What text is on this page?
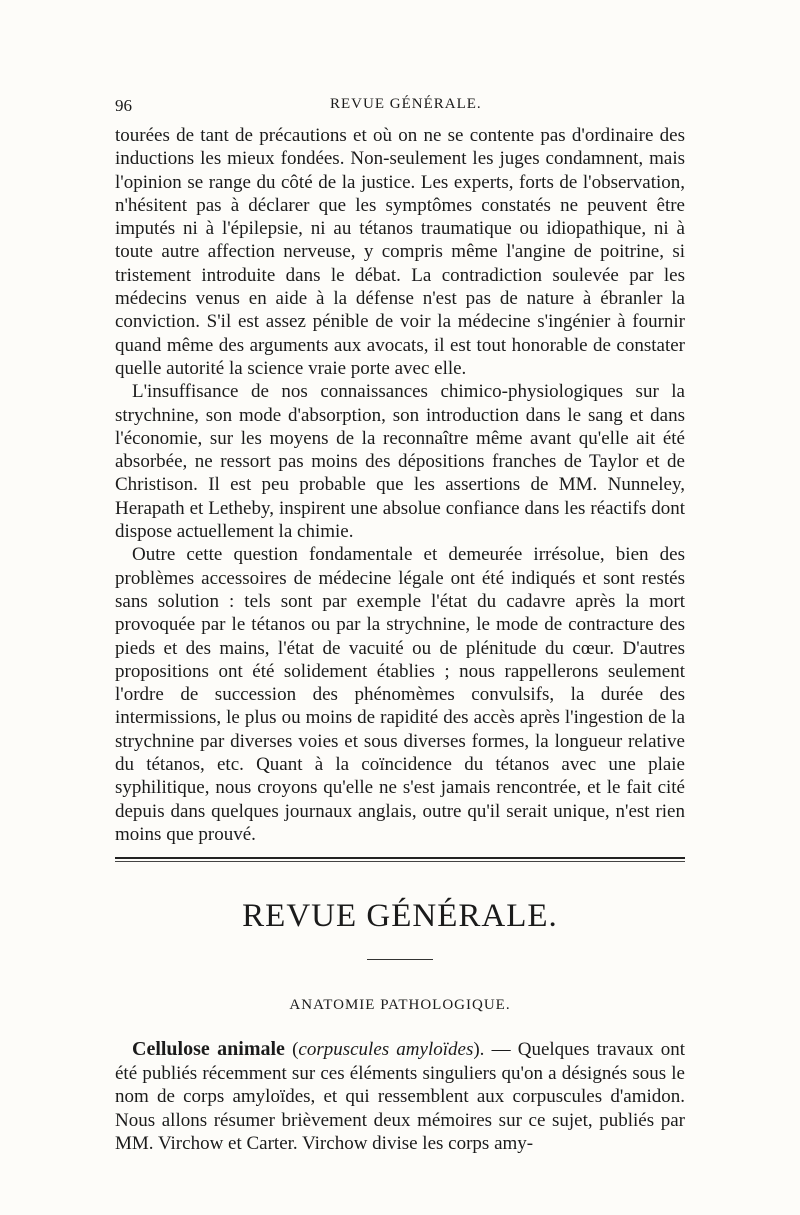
96	REVUE GÉNÉRALE.

tourées de tant de précautions et où on ne se contente pas d'ordinaire des inductions les mieux fondées. Non-seulement les juges condamnent, mais l'opinion se range du côté de la justice. Les experts, forts de l'observation, n'hésitent pas à déclarer que les symptômes constatés ne peuvent être imputés ni à l'épilepsie, ni au tétanos traumatique ou idiopathique, ni à toute autre affection nerveuse, y compris même l'angine de poitrine, si tristement introduite dans le débat. La contradiction soulevée par les médecins venus en aide à la défense n'est pas de nature à ébranler la conviction. S'il est assez pénible de voir la médecine s'ingénier à fournir quand même des arguments aux avocats, il est tout honorable de constater quelle autorité la science vraie porte avec elle.

L'insuffisance de nos connaissances chimico-physiologiques sur la strychnine, son mode d'absorption, son introduction dans le sang et dans l'économie, sur les moyens de la reconnaître même avant qu'elle ait été absorbée, ne ressort pas moins des dépositions franches de Taylor et de Christison. Il est peu probable que les assertions de MM. Nunneley, Herapath et Letheby, inspirent une absolue confiance dans les réactifs dont dispose actuellement la chimie.

Outre cette question fondamentale et demeurée irrésolue, bien des problèmes accessoires de médecine légale ont été indiqués et sont restés sans solution : tels sont par exemple l'état du cadavre après la mort provoquée par le tétanos ou par la strychnine, le mode de contracture des pieds et des mains, l'état de vacuité ou de plénitude du cœur. D'autres propositions ont été solidement établies ; nous rappellerons seulement l'ordre de succession des phénomèmes convulsifs, la durée des intermissions, le plus ou moins de rapidité des accès après l'ingestion de la strychnine par diverses voies et sous diverses formes, la longueur relative du tétanos, etc. Quant à la coïncidence du tétanos avec une plaie syphilitique, nous croyons qu'elle ne s'est jamais rencontrée, et le fait cité depuis dans quelques journaux anglais, outre qu'il serait unique, n'est rien moins que prouvé.

REVUE GÉNÉRALE.
ANATOMIE PATHOLOGIQUE.

Cellulose animale (corpuscules amyloïdes). — Quelques travaux ont été publiés récemment sur ces éléments singuliers qu'on a désignés sous le nom de corps amyloïdes, et qui ressemblent aux corpuscules d'amidon. Nous allons résumer brièvement deux mémoires sur ce sujet, publiés par MM. Virchow et Carter. Virchow divise les corps amy-
